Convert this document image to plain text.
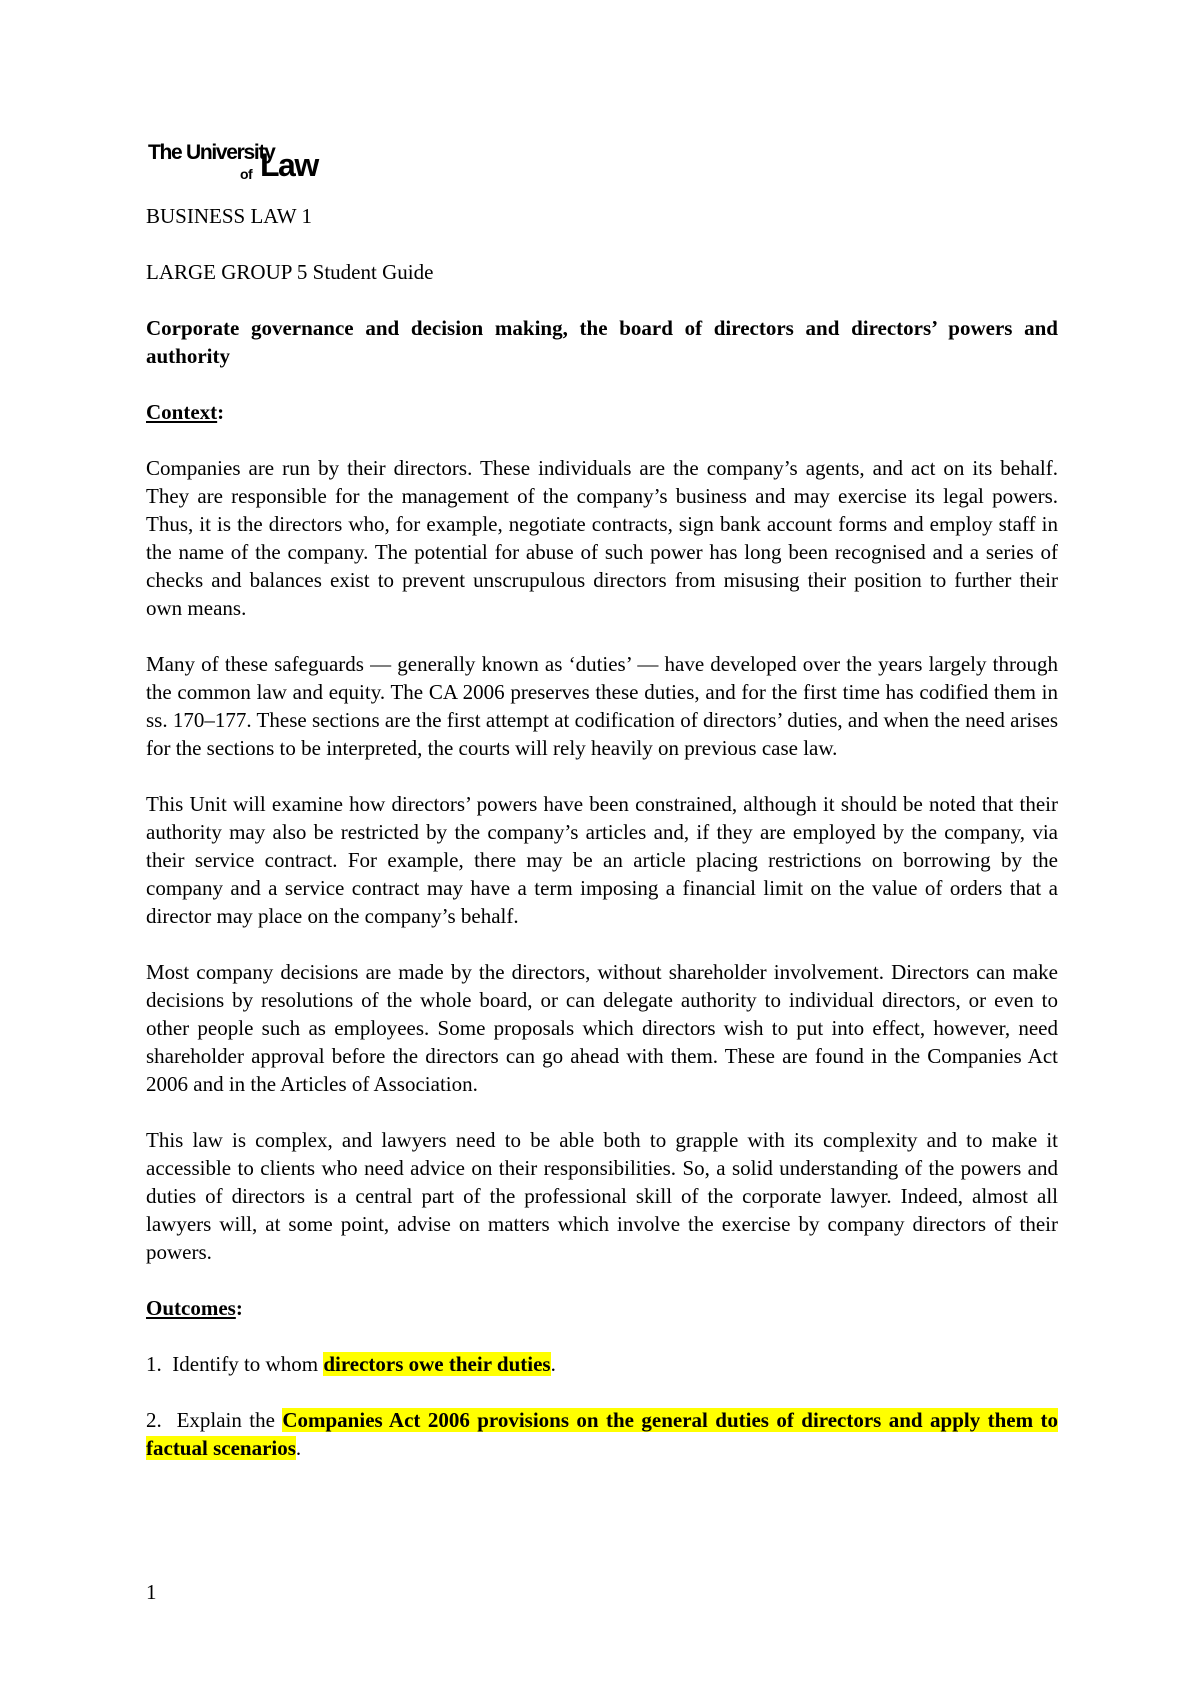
The University
of Law

BUSINESS LAW 1

LARGE GROUP 5 Student Guide

Corporate governance and decision making, the board of directors and directors’ powers and authority

Context:

Companies are run by their directors. These individuals are the company’s agents, and act on its behalf. They are responsible for the management of the company’s business and may exercise its legal powers. Thus, it is the directors who, for example, negotiate contracts, sign bank account forms and employ staff in the name of the company. The potential for abuse of such power has long been recognised and a series of checks and balances exist to prevent unscrupulous directors from misusing their position to further their own means.

Many of these safeguards — generally known as ‘duties’ — have developed over the years largely through the common law and equity. The CA 2006 preserves these duties, and for the first time has codified them in ss. 170–177. These sections are the first attempt at codification of directors’ duties, and when the need arises for the sections to be interpreted, the courts will rely heavily on previous case law.

This Unit will examine how directors’ powers have been constrained, although it should be noted that their authority may also be restricted by the company’s articles and, if they are employed by the company, via their service contract. For example, there may be an article placing restrictions on borrowing by the company and a service contract may have a term imposing a financial limit on the value of orders that a director may place on the company’s behalf.

Most company decisions are made by the directors, without shareholder involvement. Directors can make decisions by resolutions of the whole board, or can delegate authority to individual directors, or even to other people such as employees. Some proposals which directors wish to put into effect, however, need shareholder approval before the directors can go ahead with them. These are found in the Companies Act 2006 and in the Articles of Association.

This law is complex, and lawyers need to be able both to grapple with its complexity and to make it accessible to clients who need advice on their responsibilities. So, a solid understanding of the powers and duties of directors is a central part of the professional skill of the corporate lawyer. Indeed, almost all lawyers will, at some point, advise on matters which involve the exercise by company directors of their powers.

Outcomes:

1. Identify to whom directors owe their duties.

2. Explain the Companies Act 2006 provisions on the general duties of directors and apply them to factual scenarios.

1
